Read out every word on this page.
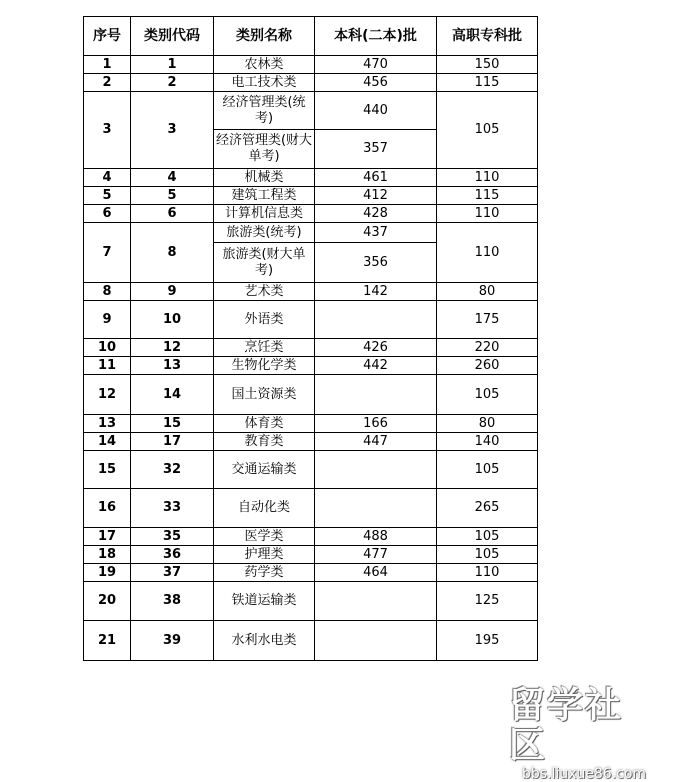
序号	类别代码	类别名称	本科(二本)批	高职专科批
1	1	农林类	470	150
2	2	电工技术类	456	115
3	3	经济管理类(统考)	440	105
		经济管理类(财大单考)	357	
4	4	机械类	461	110
5	5	建筑工程类	412	115
6	6	计算机信息类	428	110
7	8	旅游类(统考)	437	110
		旅游类(财大单考)	356	
8	9	艺术类	142	80
9	10	外语类		175
10	12	烹饪类	426	220
11	13	生物化学类	442	260
12	14	国土资源类		105
13	15	体育类	166	80
14	17	教育类	447	140
15	32	交通运输类		105
16	33	自动化类		265
17	35	医学类	488	105
18	36	护理类	477	105
19	37	药学类	464	110
20	38	铁道运输类		125
21	39	水利水电类		195
留学社区
bbs.liuxue86.com
